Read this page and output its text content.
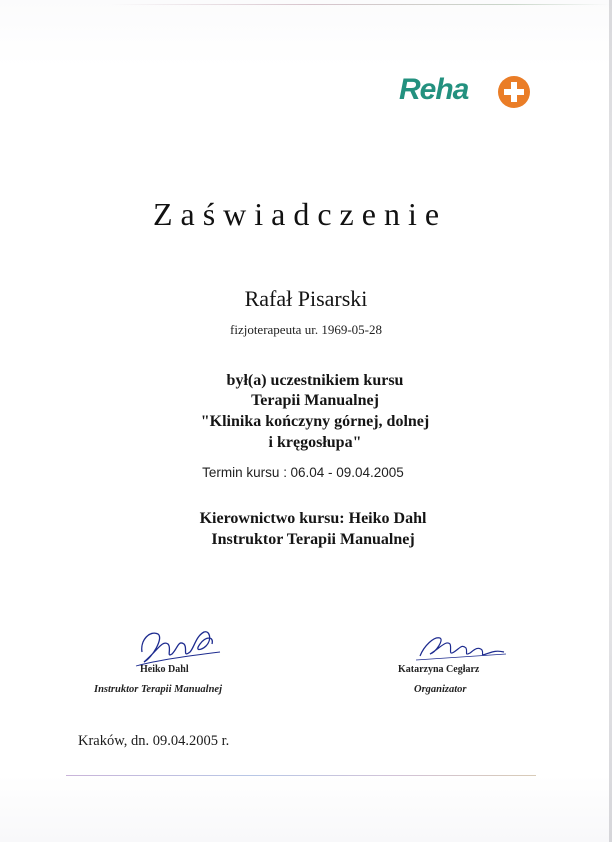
Reha
Zaświadczenie
Rafał Pisarski
fizjoterapeuta ur. 1969-05-28
był(a) uczestnikiem kursu
Terapii Manualnej
"Klinika kończyny górnej, dolnej
i kręgosłupa"
Termin kursu : 06.04 - 09.04.2005
Kierownictwo kursu: Heiko Dahl
Instruktor Terapii Manualnej
Heiko Dahl
Instruktor Terapii Manualnej
Katarzyna Cegłarz
Organizator
Kraków, dn. 09.04.2005 r.
